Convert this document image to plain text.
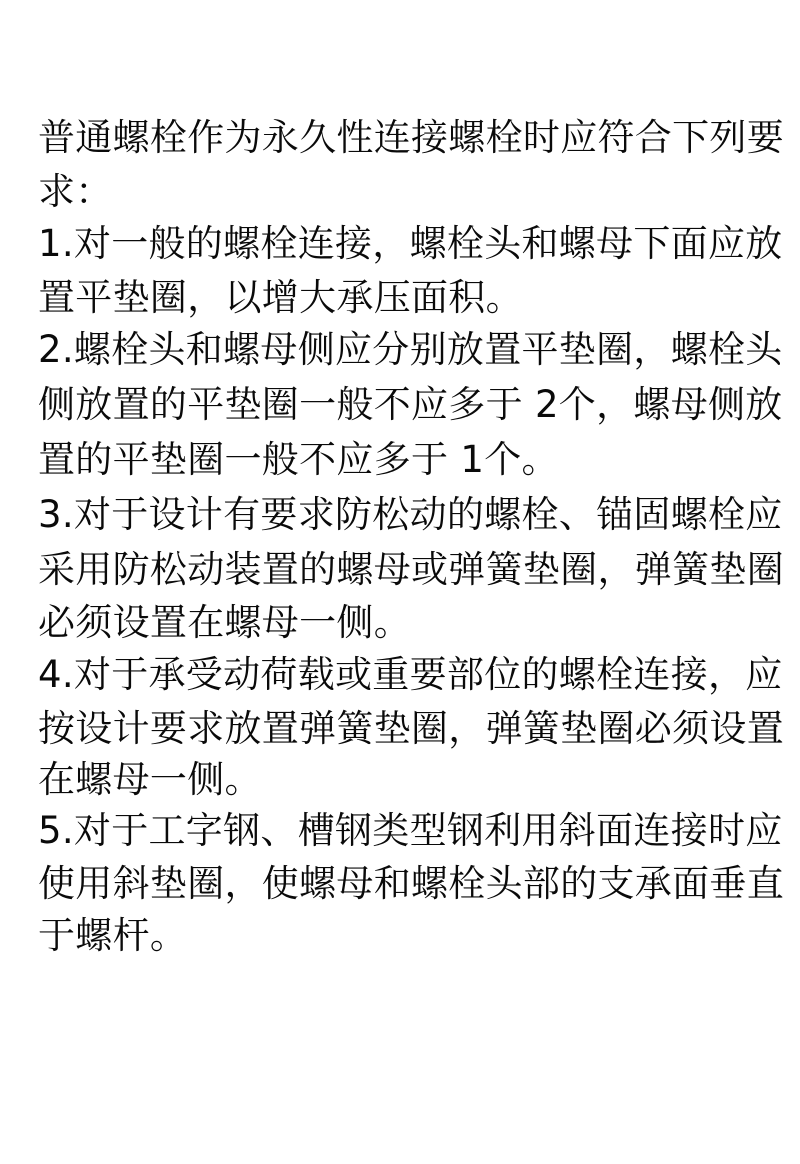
普通螺栓作为永久性连接螺栓时应符合下列要

求：

1.对一般的螺栓连接，螺栓头和螺母下面应放

置平垫圈，以增大承压面积。

2.螺栓头和螺母侧应分别放置平垫圈，螺栓头

侧放置的平垫圈一般不应多于 2个，螺母侧放

置的平垫圈一般不应多于 1个。

3.对于设计有要求防松动的螺栓、锚固螺栓应

采用防松动装置的螺母或弹簧垫圈，弹簧垫圈

必须设置在螺母一侧。

4.对于承受动荷载或重要部位的螺栓连接，应

按设计要求放置弹簧垫圈，弹簧垫圈必须设置

在螺母一侧。

5.对于工字钢、槽钢类型钢利用斜面连接时应

使用斜垫圈，使螺母和螺栓头部的支承面垂直

于螺杆。
